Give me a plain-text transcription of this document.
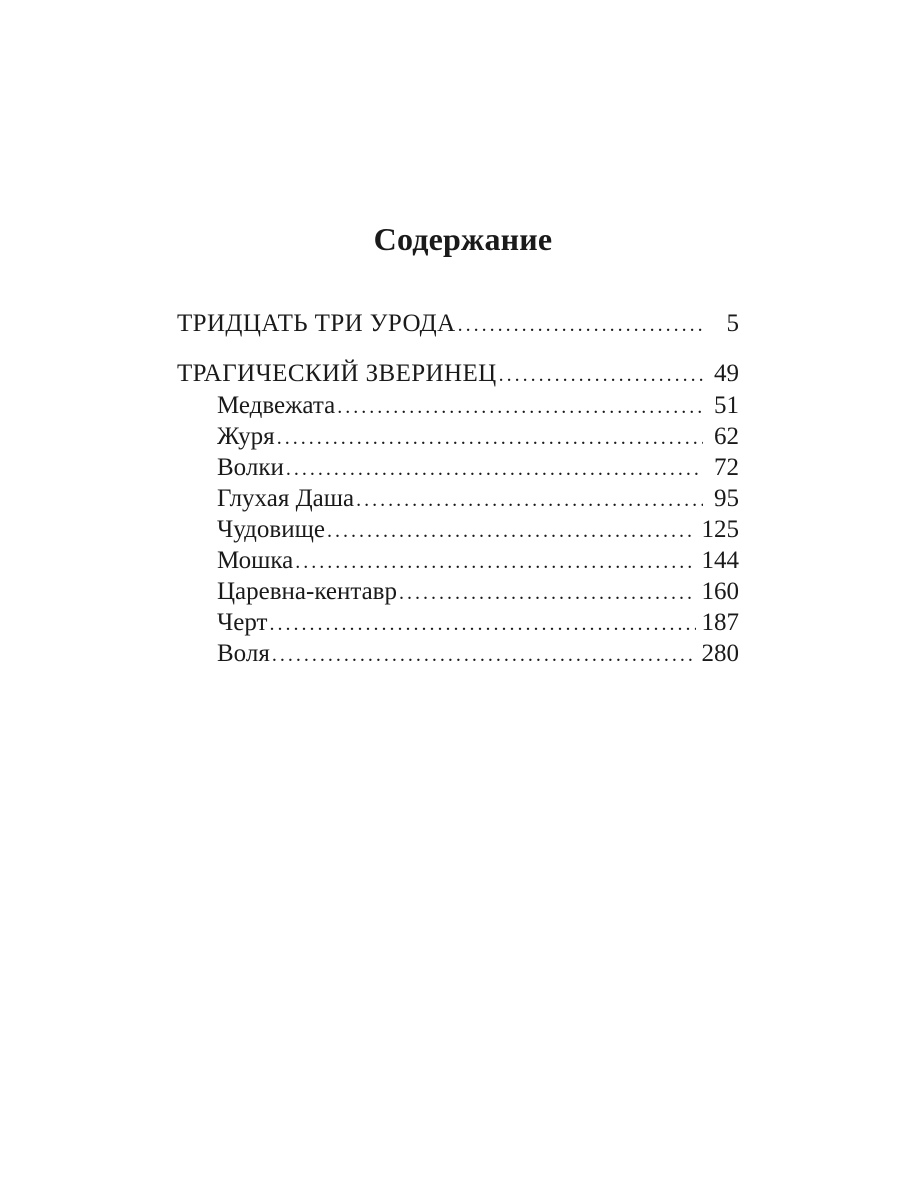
Содержание
ТРИДЦАТЬ ТРИ УРОДА . . .	5
ТРАГИЧЕСКИЙ ЗВЕРИНЕЦ . . .	49
Медвежата . . .	51
Журя . . .	62
Волки . . .	72
Глухая Даша . . .	95
Чудовище . . .	125
Мошка . . .	144
Царевна-кентавр . . .	160
Черт . . .	187
Воля . . .	280
